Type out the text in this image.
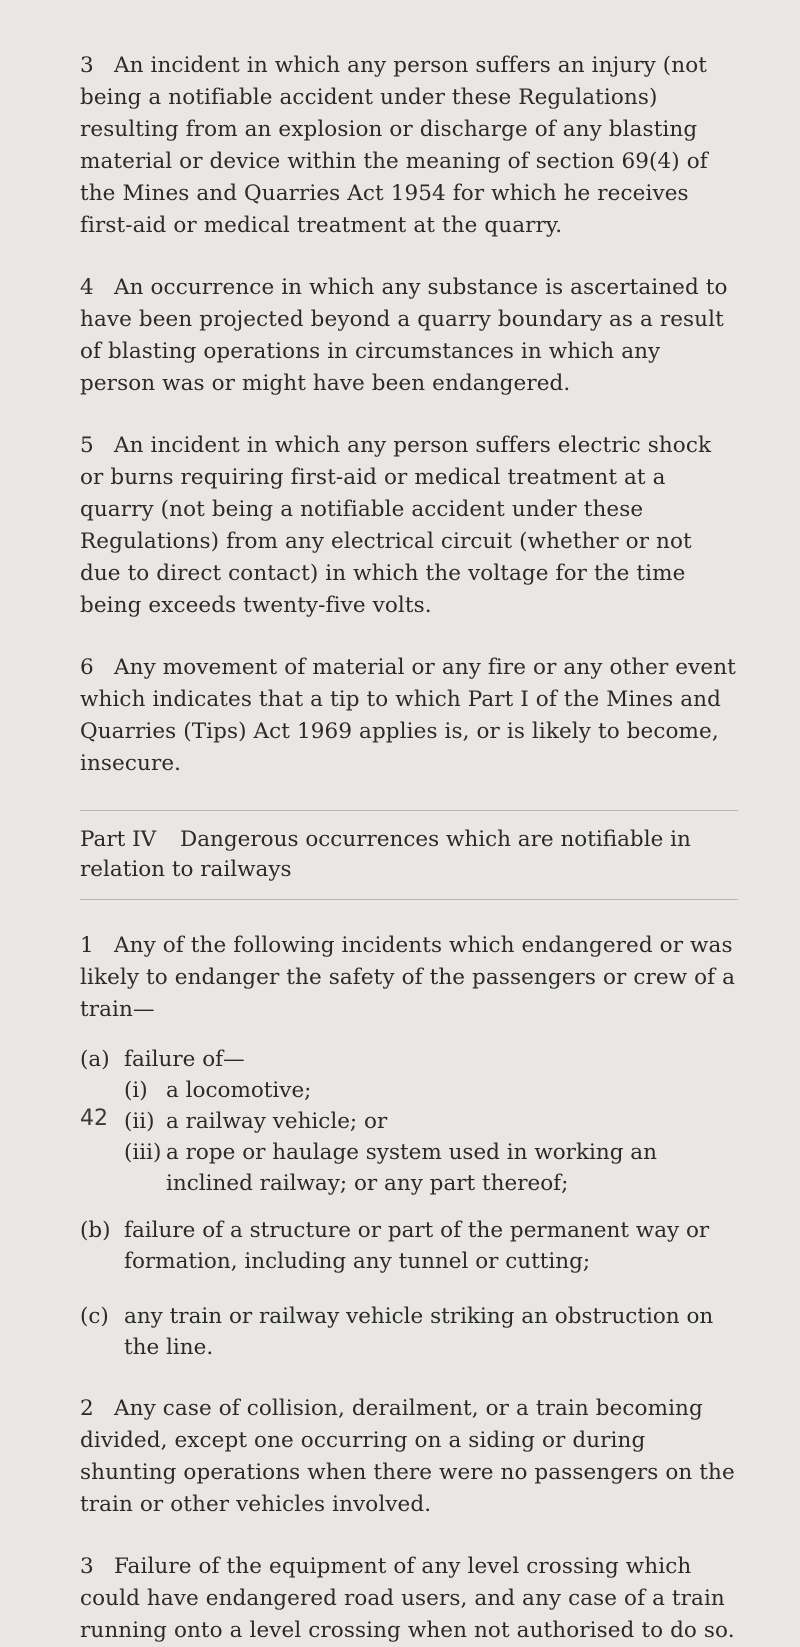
3 An incident in which any person suffers an injury (not being a notifiable accident under these Regulations) resulting from an explosion or discharge of any blasting material or device within the meaning of section 69(4) of the Mines and Quarries Act 1954 for which he receives first-aid or medical treatment at the quarry.

4 An occurrence in which any substance is ascertained to have been projected beyond a quarry boundary as a result of blasting operations in circumstances in which any person was or might have been endangered.

5 An incident in which any person suffers electric shock or burns requiring first-aid or medical treatment at a quarry (not being a notifiable accident under these Regulations) from any electrical circuit (whether or not due to direct contact) in which the voltage for the time being exceeds twenty-five volts.

6 Any movement of material or any fire or any other event which indicates that a tip to which Part I of the Mines and Quarries (Tips) Act 1969 applies is, or is likely to become, insecure.

Part IV Dangerous occurrences which are notifiable in relation to railways

1 Any of the following incidents which endangered or was likely to endanger the safety of the passengers or crew of a train—

(a) failure of—
(i) a locomotive;
(ii) a railway vehicle; or
(iii) a rope or haulage system used in working an inclined railway; or any part thereof;
(b) failure of a structure or part of the permanent way or formation, including any tunnel or cutting;
(c) any train or railway vehicle striking an obstruction on the line.

2 Any case of collision, derailment, or a train becoming divided, except one occurring on a siding or during shunting operations when there were no passengers on the train or other vehicles involved.

3 Failure of the equipment of any level crossing which could have endangered road users, and any case of a train running onto a level crossing when not authorised to do so.

42
